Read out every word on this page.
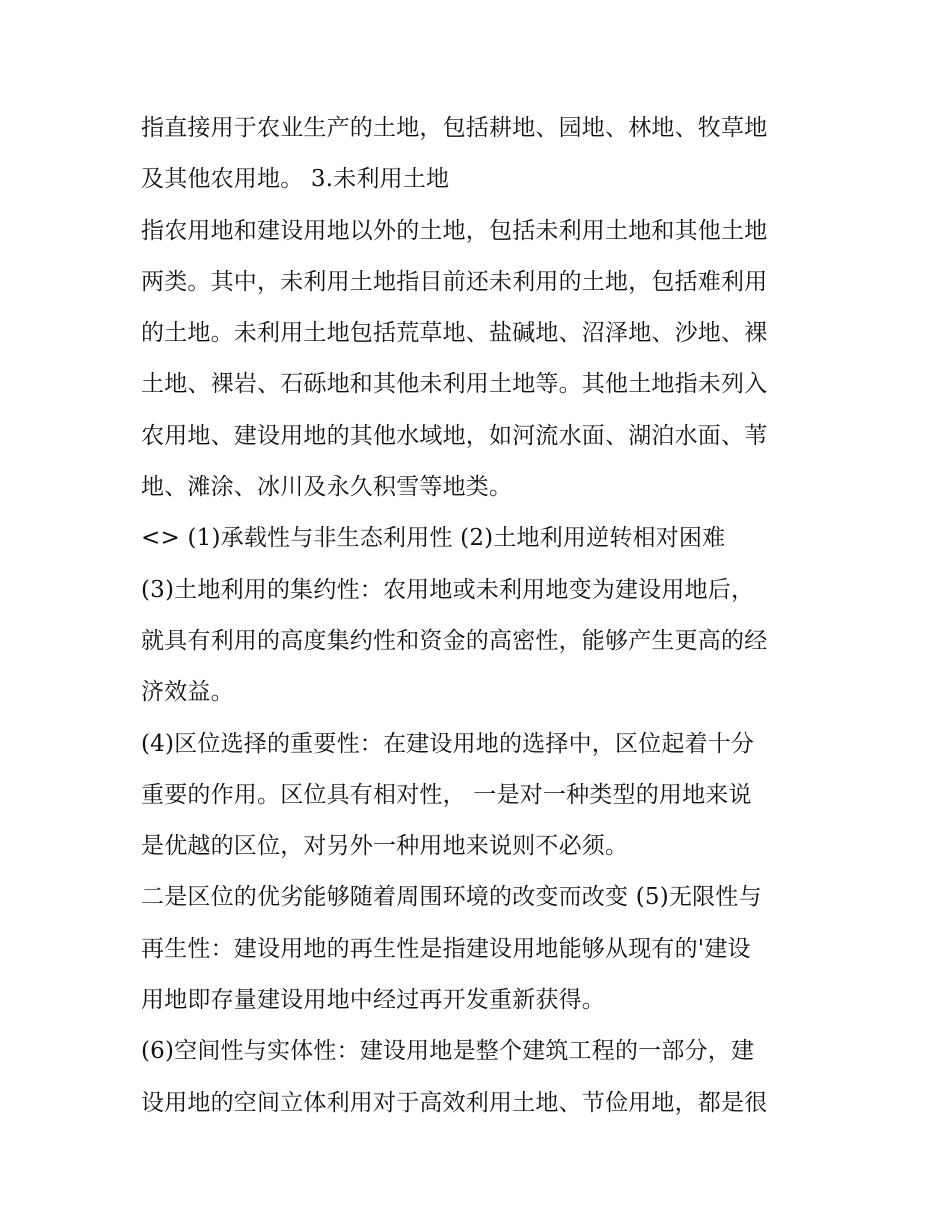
指直接用于农业生产的土地，包括耕地、园地、林地、牧草地
及其他农用地。 3.未利用土地
指农用地和建设用地以外的土地，包括未利用土地和其他土地
两类。其中，未利用土地指目前还未利用的土地，包括难利用
的土地。未利用土地包括荒草地、盐碱地、沼泽地、沙地、裸
土地、裸岩、石砾地和其他未利用土地等。其他土地指未列入
农用地、建设用地的其他水域地，如河流水面、湖泊水面、苇
地、滩涂、冰川及永久积雪等地类。
<> (1)承载性与非生态利用性 (2)土地利用逆转相对困难
(3)土地利用的集约性：农用地或未利用地变为建设用地后，
就具有利用的高度集约性和资金的高密性，能够产生更高的经
济效益。
(4)区位选择的重要性：在建设用地的选择中，区位起着十分
重要的作用。区位具有相对性， 一是对一种类型的用地来说
是优越的区位，对另外一种用地来说则不必须。
二是区位的优劣能够随着周围环境的改变而改变 (5)无限性与
再生性：建设用地的再生性是指建设用地能够从现有的'建设
用地即存量建设用地中经过再开发重新获得。
(6)空间性与实体性：建设用地是整个建筑工程的一部分，建
设用地的空间立体利用对于高效利用土地、节俭用地，都是很
